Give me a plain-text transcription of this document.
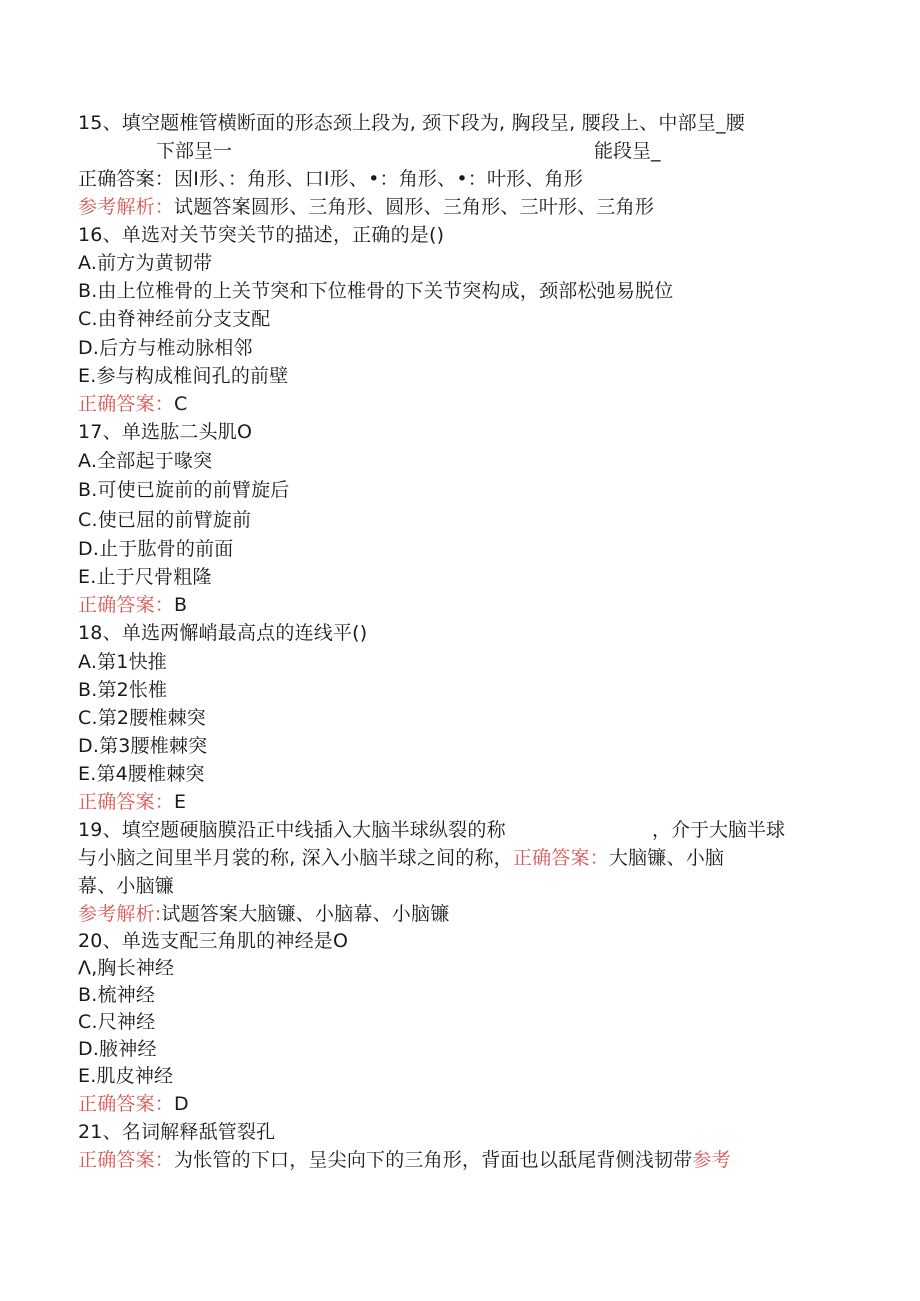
15、填空题椎管横断面的形态颈上段为, 颈下段为, 胸段呈, 腰段上、中部呈_腰
下部呈一	能段呈_
正确答案：因I形、：角形、口I形、•：角形、•：叶形、角形
参考解析：试题答案圆形、三角形、圆形、三角形、三叶形、三角形
16、单选对关节突关节的描述，正确的是()
A.前方为黄韧带
B.由上位椎骨的上关节突和下位椎骨的下关节突构成，颈部松弛易脱位
C.由脊神经前分支支配
D.后方与椎动脉相邻
E.参与构成椎间孔的前壁
正确答案：C
17、单选肱二头肌O
A.全部起于喙突
B.可使已旋前的前臂旋后
C.使已屈的前臂旋前
D.止于肱骨的前面
E.止于尺骨粗隆
正确答案：B
18、单选两懈峭最高点的连线平()
A.第1快推
B.第2怅椎
C.第2腰椎棘突
D.第3腰椎棘突
E.第4腰椎棘突
正确答案：E
19、填空题硬脑膜沿正中线插入大脑半球纵裂的称	，介于大脑半球
与小脑之间里半月裳的称, 深入小脑半球之间的称，正确答案：大脑镰、小脑
幕、小脑镰
参考解析:试题答案大脑镰、小脑幕、小脑镰
20、单选支配三角肌的神经是O
Λ,胸长神经
B.梳神经
C.尺神经
D.腋神经
E.肌皮神经
正确答案：D
21、名词解释舐管裂孔
正确答案：为怅管的下口，呈尖向下的三角形，背面也以舐尾背侧浅韧带参考
